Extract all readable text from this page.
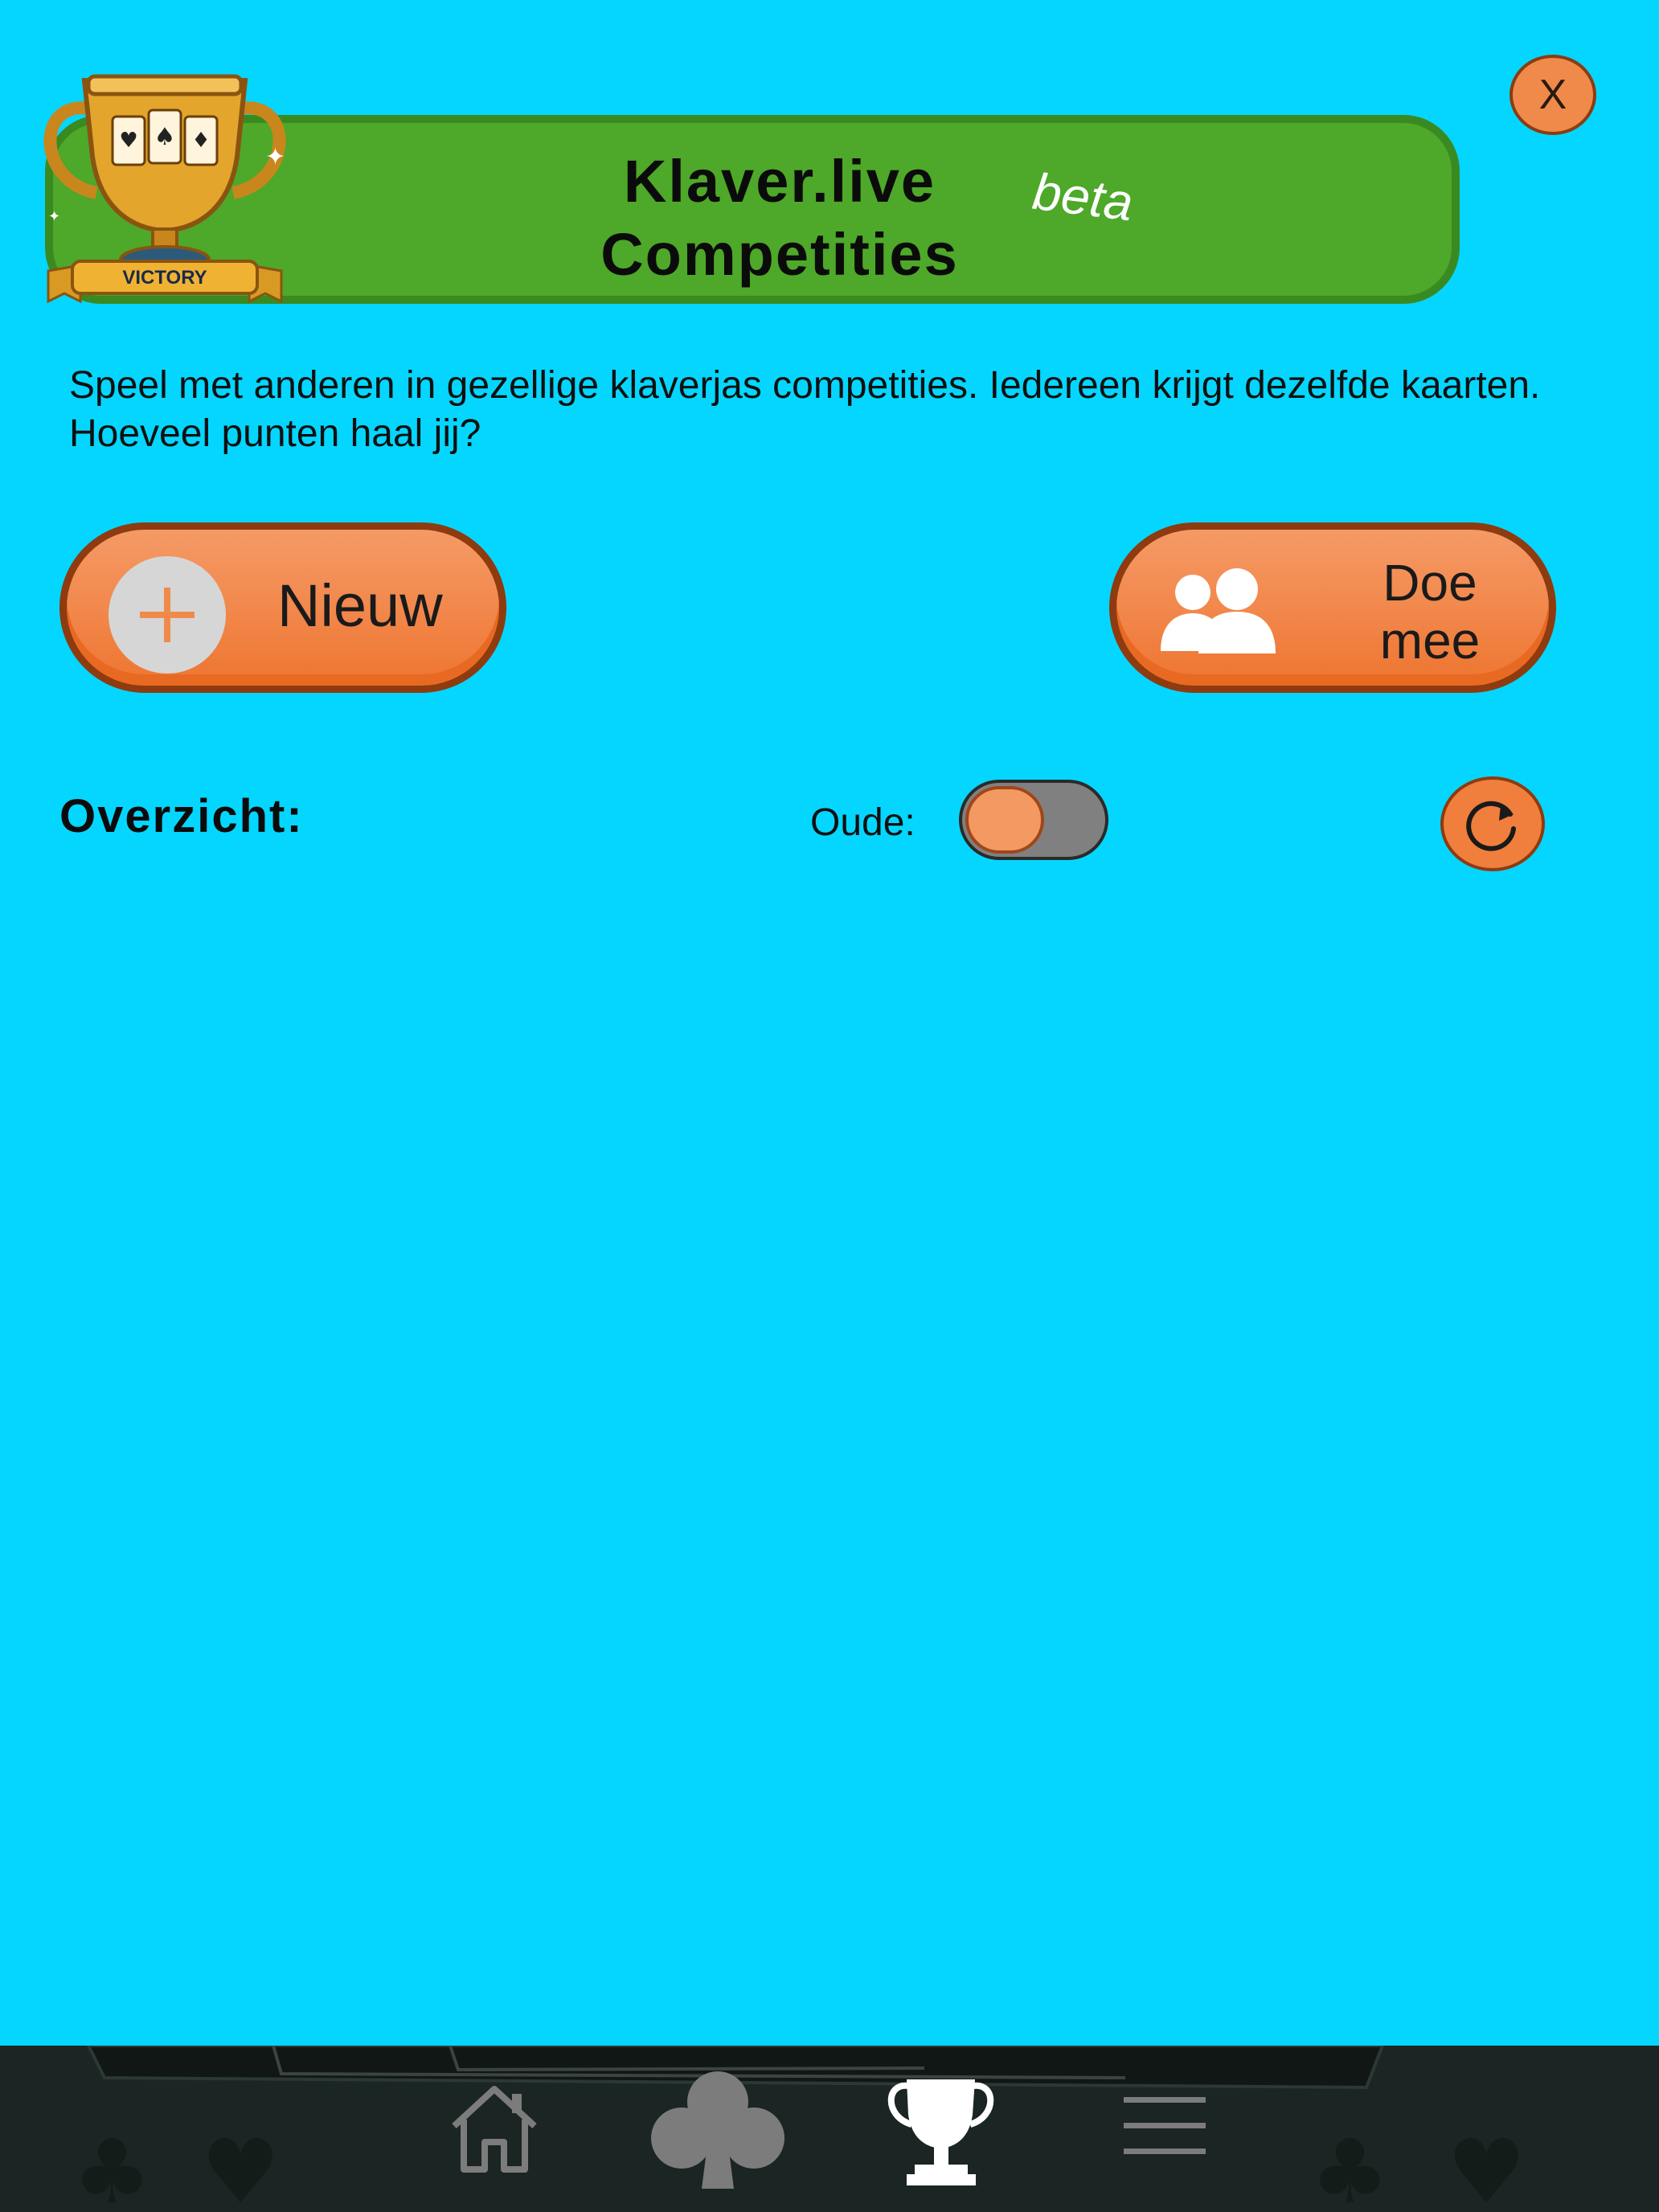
♥ ♠ ♦
VICTORY
✦
✦
Klaver.live
Competities
beta
X
Speel met anderen in gezellige klaverjas competities. Iedereen krijgt dezelfde kaarten. Hoeveel punten haal jij?
Nieuw	Doe
mee
Overzicht:	Oude:
♣ ♥	♣ ♥
